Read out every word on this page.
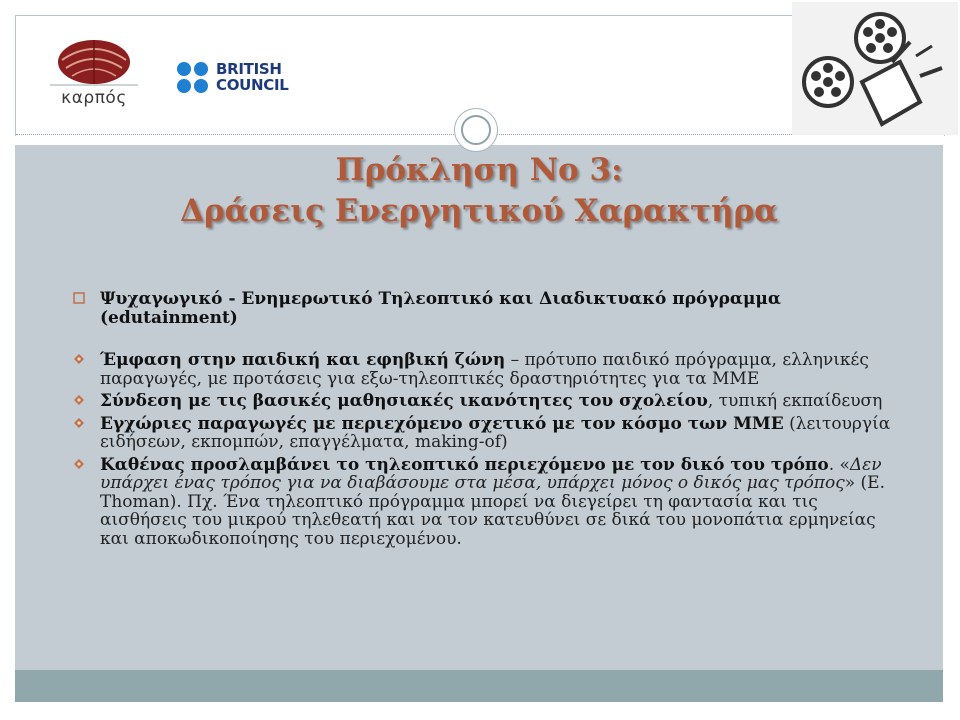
καρπός
BRITISH
COUNCIL
Πρόκληση Νο 3:
Δράσεις Ενεργητικού Χαρακτήρα
Ψυχαγωγικό - Ενημερωτικό Τηλεοπτικό και Διαδικτυακό πρόγραμμα (edutainment)
Έμφαση στην παιδική και εφηβική ζώνη – πρότυπο παιδικό πρόγραμμα, ελληνικές παραγωγές, με προτάσεις για εξω-τηλεοπτικές δραστηριότητες για τα ΜΜΕ
Σύνδεση με τις βασικές μαθησιακές ικανότητες του σχολείου, τυπική εκπαίδευση
Εγχώριες παραγωγές με περιεχόμενο σχετικό με τον κόσμο των ΜΜΕ (λειτουργία ειδήσεων, εκπομπών, επαγγέλματα, making-of)
Καθένας προσλαμβάνει το τηλεοπτικό περιεχόμενο με τον δικό του τρόπο. «Δεν υπάρχει ένας τρόπος για να διαβάσουμε στα μέσα, υπάρχει μόνος ο δικός μας τρόπος» (E. Thoman). Πχ. Ένα τηλεοπτικό πρόγραμμα μπορεί να διεγείρει τη φαντασία και τις αισθήσεις του μικρού τηλεθεατή και να τον κατευθύνει σε δικά του μονοπάτια ερμηνείας και αποκωδικοποίησης του περιεχομένου.
